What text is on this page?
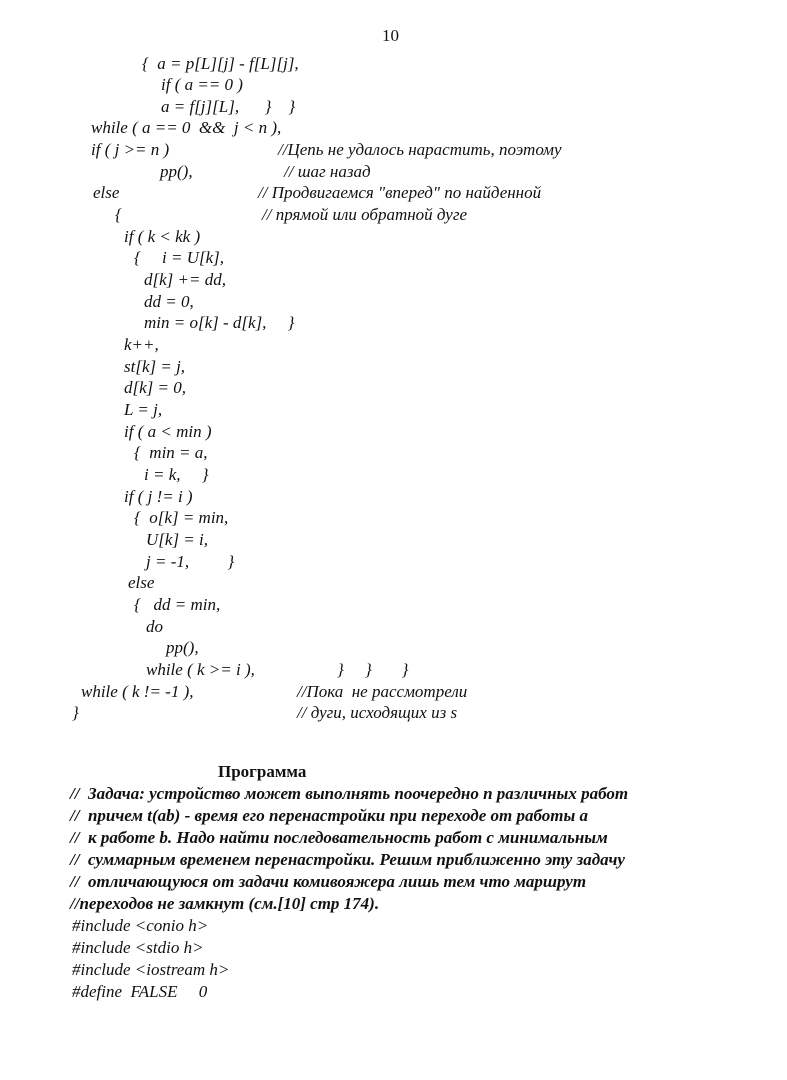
10
{  a = p[L][j] - f[L][j],
if ( a == 0 )
a = f[j][L],      }    }
while ( a == 0  &&  j < n ),
if ( j >= n )	//Цепь не удалось нарастить, поэтому
pp(),	// шаг назад
else	// Продвигаемся "вперед" по найденной
{	// прямой или обратной дуге
if ( k < kk )
{     i = U[k],
d[k] += dd,
dd = 0,
min = o[k] - d[k],     }
k++,
st[k] = j,
d[k] = 0,
L = j,
if ( a < min )
{  min = a,
i = k,     }
if ( j != i )
{  o[k] = min,
U[k] = i,
j = -1,         }
else
{   dd = min,
do
pp(),
while ( k >= i ),	}     }       }
while ( k != -1 ),	//Пока  не рассмотрели
}	// дуги, исходящих из s
Программа
//  Задача: устройство может выполнять поочередно n различных работ
//  причем t(ab) - время его перенастройки при переходе от работы a
//  к работе b. Надо найти последовательность работ с минимальным
//  суммарным временем перенастройки. Решим приближенно эту задачу
//  отличающуюся от задачи комивояжера лишь тем что маршрут
//переходов не замкнут (см.[10] стр 174).
#include <conio h>
#include <stdio h>
#include <iostream h>
#define  FALSE     0
